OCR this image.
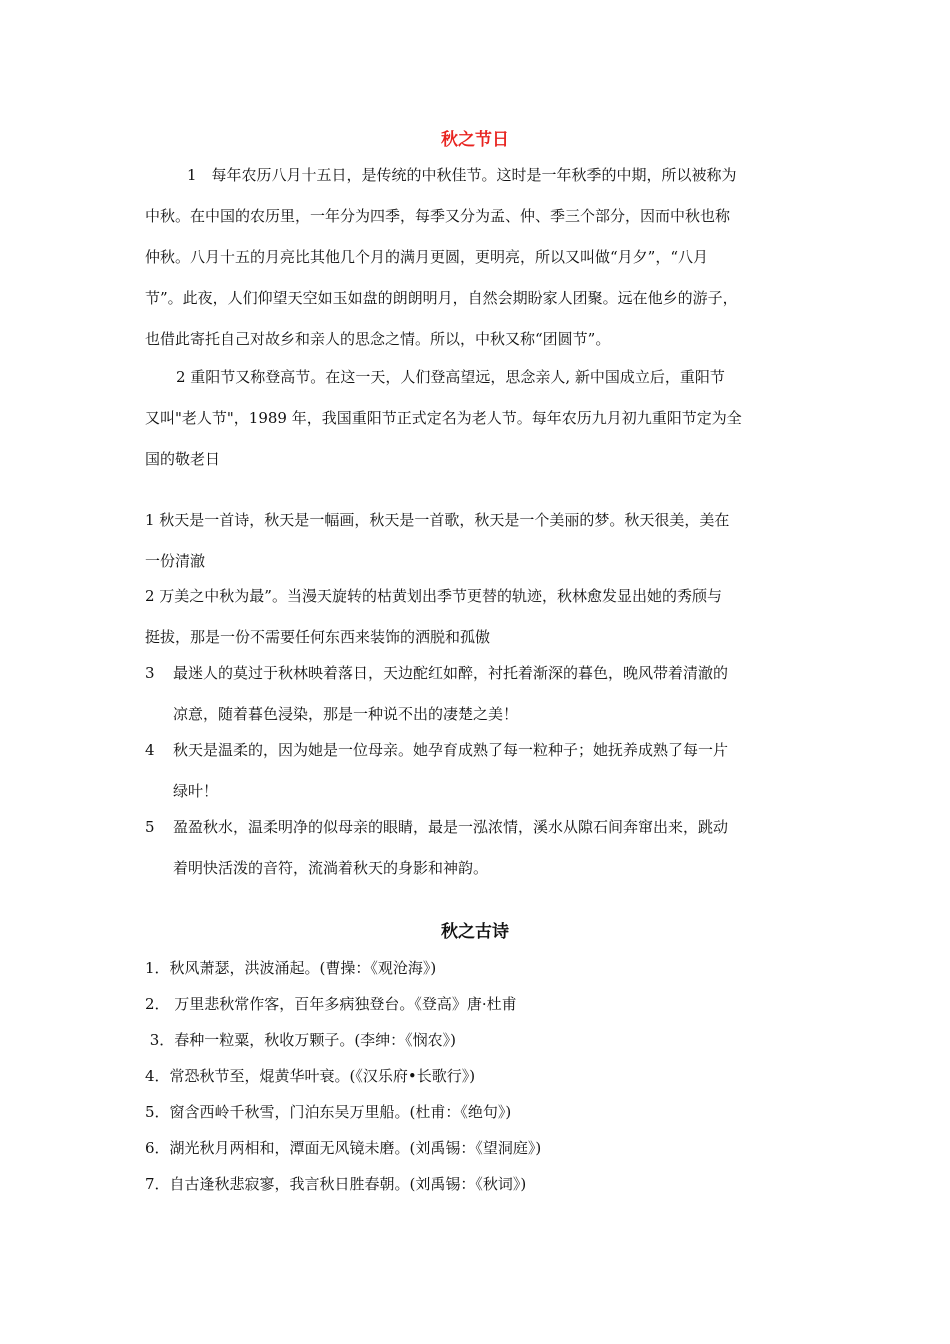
秋之节日
1　每年农历八月十五日，是传统的中秋佳节。这时是一年秋季的中期，所以被称为
中秋。在中国的农历里，一年分为四季，每季又分为孟、仲、季三个部分，因而中秋也称
仲秋。八月十五的月亮比其他几个月的满月更圆，更明亮，所以又叫做“月夕”，“八月
节”。此夜，人们仰望天空如玉如盘的朗朗明月，自然会期盼家人团聚。远在他乡的游子，
也借此寄托自己对故乡和亲人的思念之情。所以，中秋又称“团圆节”。
2 重阳节又称登高节。在这一天，人们登高望远，思念亲人, 新中国成立后，重阳节
又叫"老人节"，1989 年，我国重阳节正式定名为老人节。每年农历九月初九重阳节定为全
国的敬老日
1 秋天是一首诗，秋天是一幅画，秋天是一首歌，秋天是一个美丽的梦。秋天很美，美在
一份清澈
2 万美之中秋为最”。当漫天旋转的枯黄划出季节更替的轨迹，秋林愈发显出她的秀颀与
挺拔，那是一份不需要任何东西来装饰的洒脱和孤傲
3 最迷人的莫过于秋林映着落日，天边酡红如醉，衬托着渐深的暮色，晚风带着清澈的
凉意，随着暮色浸染，那是一种说不出的凄楚之美！
4 秋天是温柔的，因为她是一位母亲。她孕育成熟了每一粒种子；她抚养成熟了每一片
绿叶！
5 盈盈秋水，温柔明净的似母亲的眼睛，最是一泓浓情，溪水从隙石间奔窜出来，跳动
着明快活泼的音符，流淌着秋天的身影和神韵。
秋之古诗
1．秋风萧瑟，洪波涌起。(曹操：《观沧海》)
2． 万里悲秋常作客，百年多病独登台。《登高》唐·杜甫
3．春种一粒粟，秋收万颗子。(李绅：《悯农》)
4．常恐秋节至，焜黄华叶衰。(《汉乐府•长歌行》)
5．窗含西岭千秋雪，门泊东吴万里船。(杜甫：《绝句》)
6．湖光秋月两相和，潭面无风镜未磨。(刘禹锡：《望洞庭》)
7．自古逢秋悲寂寥，我言秋日胜春朝。(刘禹锡：《秋词》)
